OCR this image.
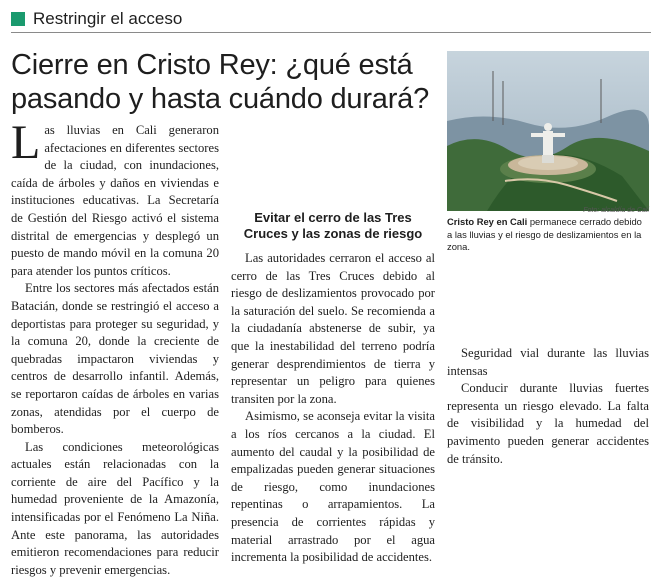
Restringir el acceso
Cierre en Cristo Rey: ¿qué está pasando y hasta cuándo durará?

Las lluvias en Cali generaron afectaciones en diferentes sectores de la ciudad, con inundaciones, caída de árboles y daños en viviendas e instituciones educativas. La Secretaría de Gestión del Riesgo activó el sistema distrital de emergencias y desplegó un puesto de mando móvil en la comuna 20 para atender los puntos críticos.

Entre los sectores más afectados están Batacián, donde se restringió el acceso a deportistas para proteger su seguridad, y la comuna 20, donde la creciente de quebradas impactaron viviendas y centros de desarrollo infantil. Además, se reportaron caídas de árboles en varias zonas, atendidas por el cuerpo de bomberos.

Las condiciones meteorológicas actuales están relacionadas con la corriente de aire del Pacífico y la humedad proveniente de la Amazonía, intensificadas por el Fenómeno La Niña. Ante este panorama, las autoridades emitieron recomendaciones para reducir riesgos y prevenir emergencias.

Evitar el cerro de las Tres Cruces y las zonas de riesgo

Las autoridades cerraron el acceso al cerro de las Tres Cruces debido al riesgo de deslizamientos provocado por la saturación del suelo. Se recomienda a la ciudadanía abstenerse de subir, ya que la inestabilidad del terreno podría generar desprendimientos de tierra y representar un peligro para quienes transiten por la zona.

Asimismo, se aconseja evitar la visita a los ríos cercanos a la ciudad. El aumento del caudal y la posibilidad de empalizadas pueden generar situaciones de riesgo, como inundaciones repentinas o arrapamientos. La presencia de corrientes rápidas y material arrastrado por el agua incrementa la posibilidad de accidentes.

Foto: alcaldía de Cali
Cristo Rey en Cali permanece cerrado debido a las lluvias y el riesgo de deslizamientos en la zona.

Seguridad vial durante las lluvias intensas

Conducir durante lluvias fuertes representa un riesgo elevado. La falta de visibilidad y la humedad del pavimento pueden generar accidentes de tránsito.
